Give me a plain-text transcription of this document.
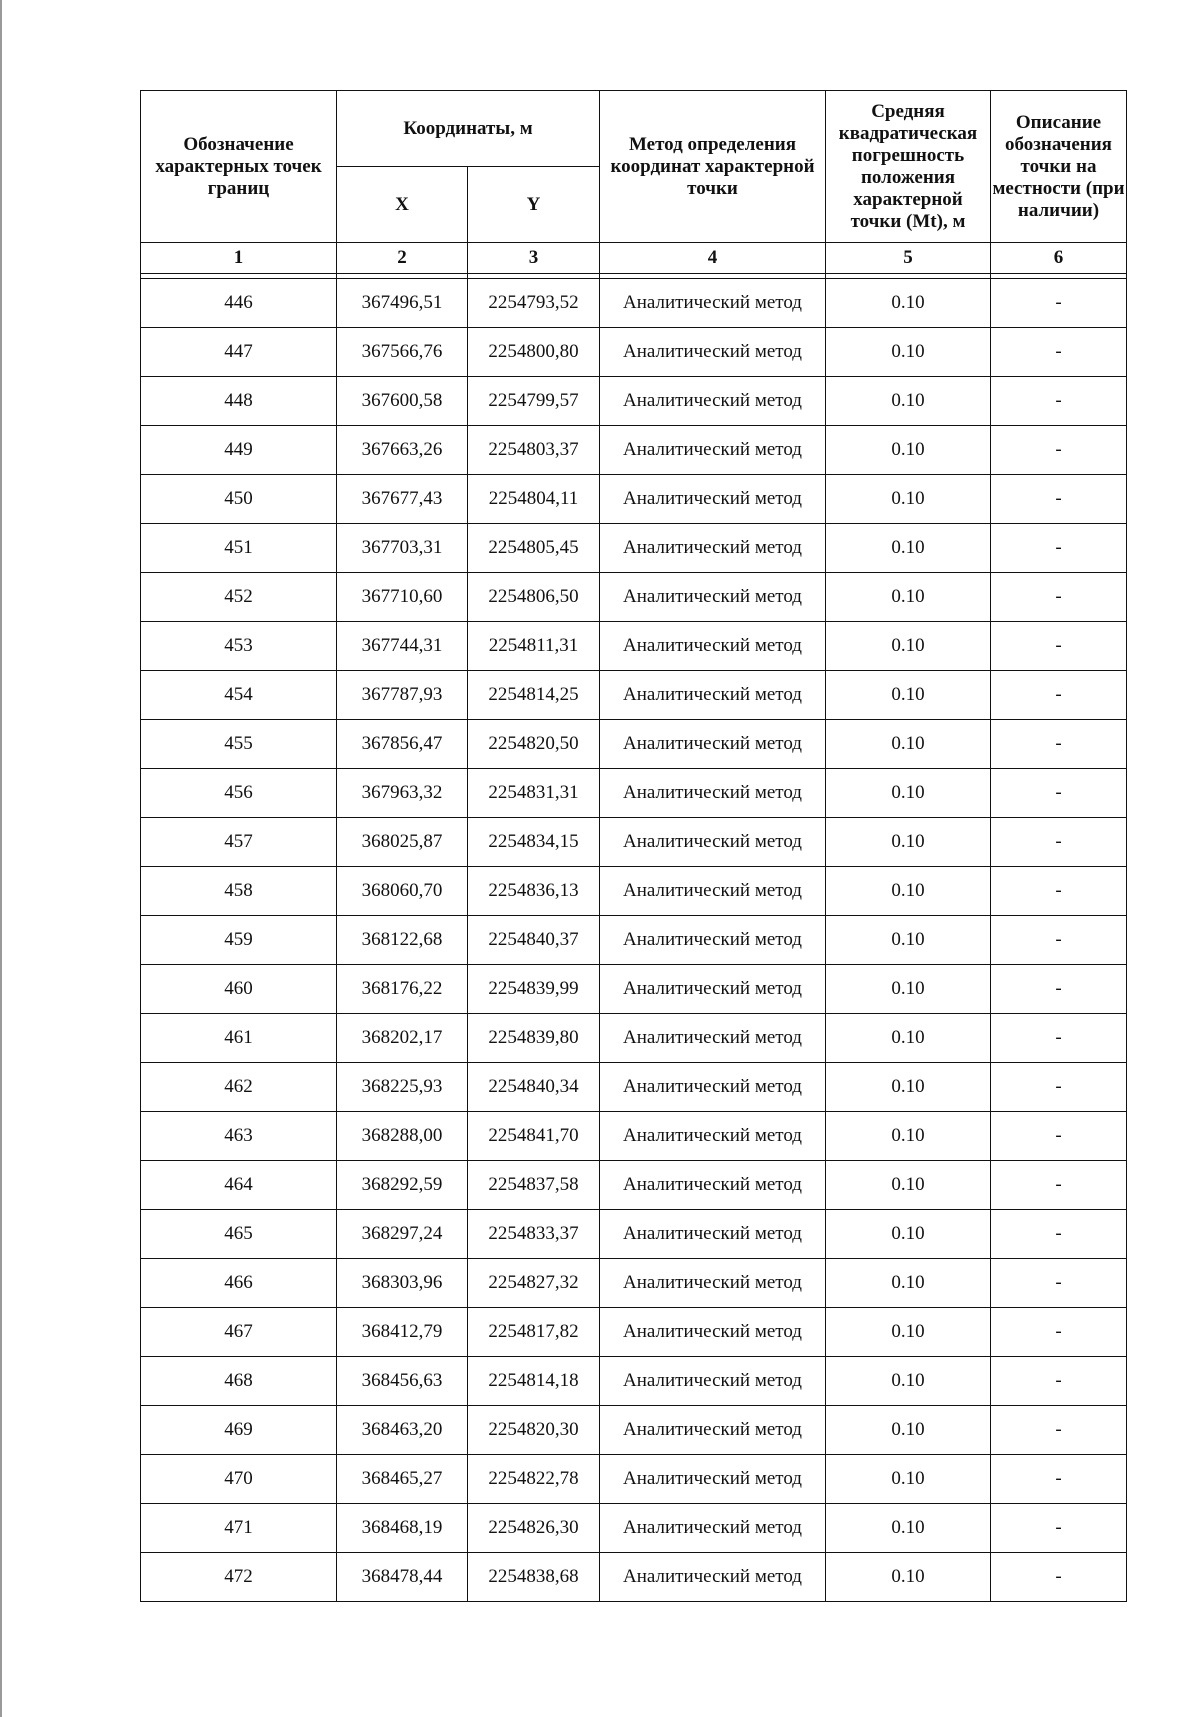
Обозначение характерных точек границ	Координаты, м		Метод определения координат характерной точки	Средняя квадратическая погрешность положения характерной точки (Mt), м	Описание обозначения точки на местности (при наличии)
	X	Y			
1	2	3	4	5	6

446	367496,51	2254793,52	Аналитический метод	0.10	-
447	367566,76	2254800,80	Аналитический метод	0.10	-
448	367600,58	2254799,57	Аналитический метод	0.10	-
449	367663,26	2254803,37	Аналитический метод	0.10	-
450	367677,43	2254804,11	Аналитический метод	0.10	-
451	367703,31	2254805,45	Аналитический метод	0.10	-
452	367710,60	2254806,50	Аналитический метод	0.10	-
453	367744,31	2254811,31	Аналитический метод	0.10	-
454	367787,93	2254814,25	Аналитический метод	0.10	-
455	367856,47	2254820,50	Аналитический метод	0.10	-
456	367963,32	2254831,31	Аналитический метод	0.10	-
457	368025,87	2254834,15	Аналитический метод	0.10	-
458	368060,70	2254836,13	Аналитический метод	0.10	-
459	368122,68	2254840,37	Аналитический метод	0.10	-
460	368176,22	2254839,99	Аналитический метод	0.10	-
461	368202,17	2254839,80	Аналитический метод	0.10	-
462	368225,93	2254840,34	Аналитический метод	0.10	-
463	368288,00	2254841,70	Аналитический метод	0.10	-
464	368292,59	2254837,58	Аналитический метод	0.10	-
465	368297,24	2254833,37	Аналитический метод	0.10	-
466	368303,96	2254827,32	Аналитический метод	0.10	-
467	368412,79	2254817,82	Аналитический метод	0.10	-
468	368456,63	2254814,18	Аналитический метод	0.10	-
469	368463,20	2254820,30	Аналитический метод	0.10	-
470	368465,27	2254822,78	Аналитический метод	0.10	-
471	368468,19	2254826,30	Аналитический метод	0.10	-
472	368478,44	2254838,68	Аналитический метод	0.10	-
